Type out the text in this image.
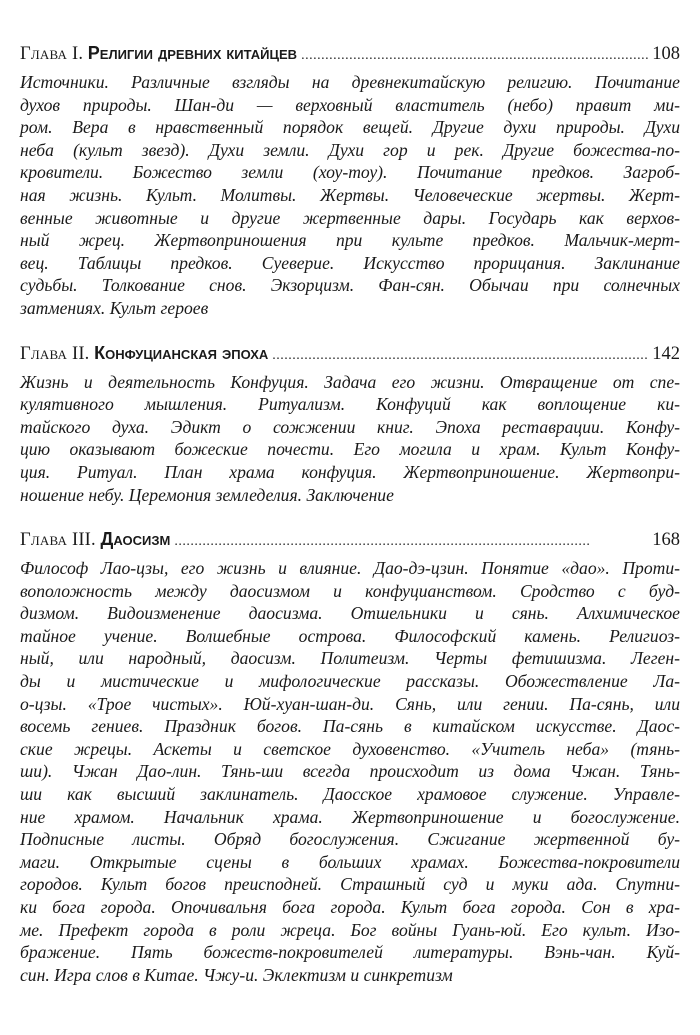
Глава I.
Религии древних китайцев . . .	108
Источники. Различные взгляды на древнекитайскую религию. Почитание
духов природы. Шан-ди — верховный властитель (небо) правит ми-
ром. Вера в нравственный порядок вещей. Другие духи природы. Духи
неба (культ звезд). Духи земли. Духи гор и рек. Другие божества-по-
кровители. Божество земли (хоу-тоу). Почитание предков. Загроб-
ная жизнь. Культ. Молитвы. Жертвы. Человеческие жертвы. Жерт-
венные животные и другие жертвенные дары. Государь как верхов-
ный жрец. Жертвоприношения при культе предков. Мальчик-мерт-
вец. Таблицы предков. Суеверие. Искусство прорицания. Заклинание
судьбы. Толкование снов. Экзорцизм. Фан-сян. Обычаи при солнечных
затмениях. Культ героев
Глава II.
Конфуцианская эпоха . . .	142
Жизнь и деятельность Конфуция. Задача его жизни. Отвращение от спе-
кулятивного мышления. Ритуализм. Конфуций как воплощение ки-
тайского духа. Эдикт о сожжении книг. Эпоха реставрации. Конфу-
цию оказывают божеские почести. Его могила и храм. Культ Конфу-
ция. Ритуал. План храма конфуция. Жертвоприношение. Жертвопри-
ношение небу. Церемония земледелия. Заключение
Глава III.
Даосизм . . .	168
Философ Лао-цзы, его жизнь и влияние. Дао-дэ-цзин. Понятие «дао». Проти-
воположность между даосизмом и конфуцианством. Сродство с буд-
дизмом. Видоизменение даосизма. Отшельники и сянь. Алхимическое
тайное учение. Волшебные острова. Философский камень. Религиоз-
ный, или народный, даосизм. Политеизм. Черты фетишизма. Леген-
ды и мистические и мифологические рассказы. Обожествление Ла-
о-цзы. «Трое чистых». Юй-хуан-шан-ди. Сянь, или гении. Па-сянь, или
восемь гениев. Праздник богов. Па-сянь в китайском искусстве. Даос-
ские жрецы. Аскеты и светское духовенство. «Учитель неба» (тянь-
ши). Чжан Дао-лин. Тянь-ши всегда происходит из дома Чжан. Тянь-
ши как высший заклинатель. Даосское храмовое служение. Управле-
ние храмом. Начальник храма. Жертвоприношение и богослужение.
Подписные листы. Обряд богослужения. Сжигание жертвенной бу-
маги. Открытые сцены в больших храмах. Божества-покровители
городов. Культ богов преисподней. Страшный суд и муки ада. Спутни-
ки бога города. Опочивальня бога города. Культ бога города. Сон в хра-
ме. Префект города в роли жреца. Бог войны Гуань-юй. Его культ. Изо-
бражение. Пять божеств-покровителей литературы. Вэнь-чан. Куй-
син. Игра слов в Китае. Чжу-и. Эклектизм и синкретизм
